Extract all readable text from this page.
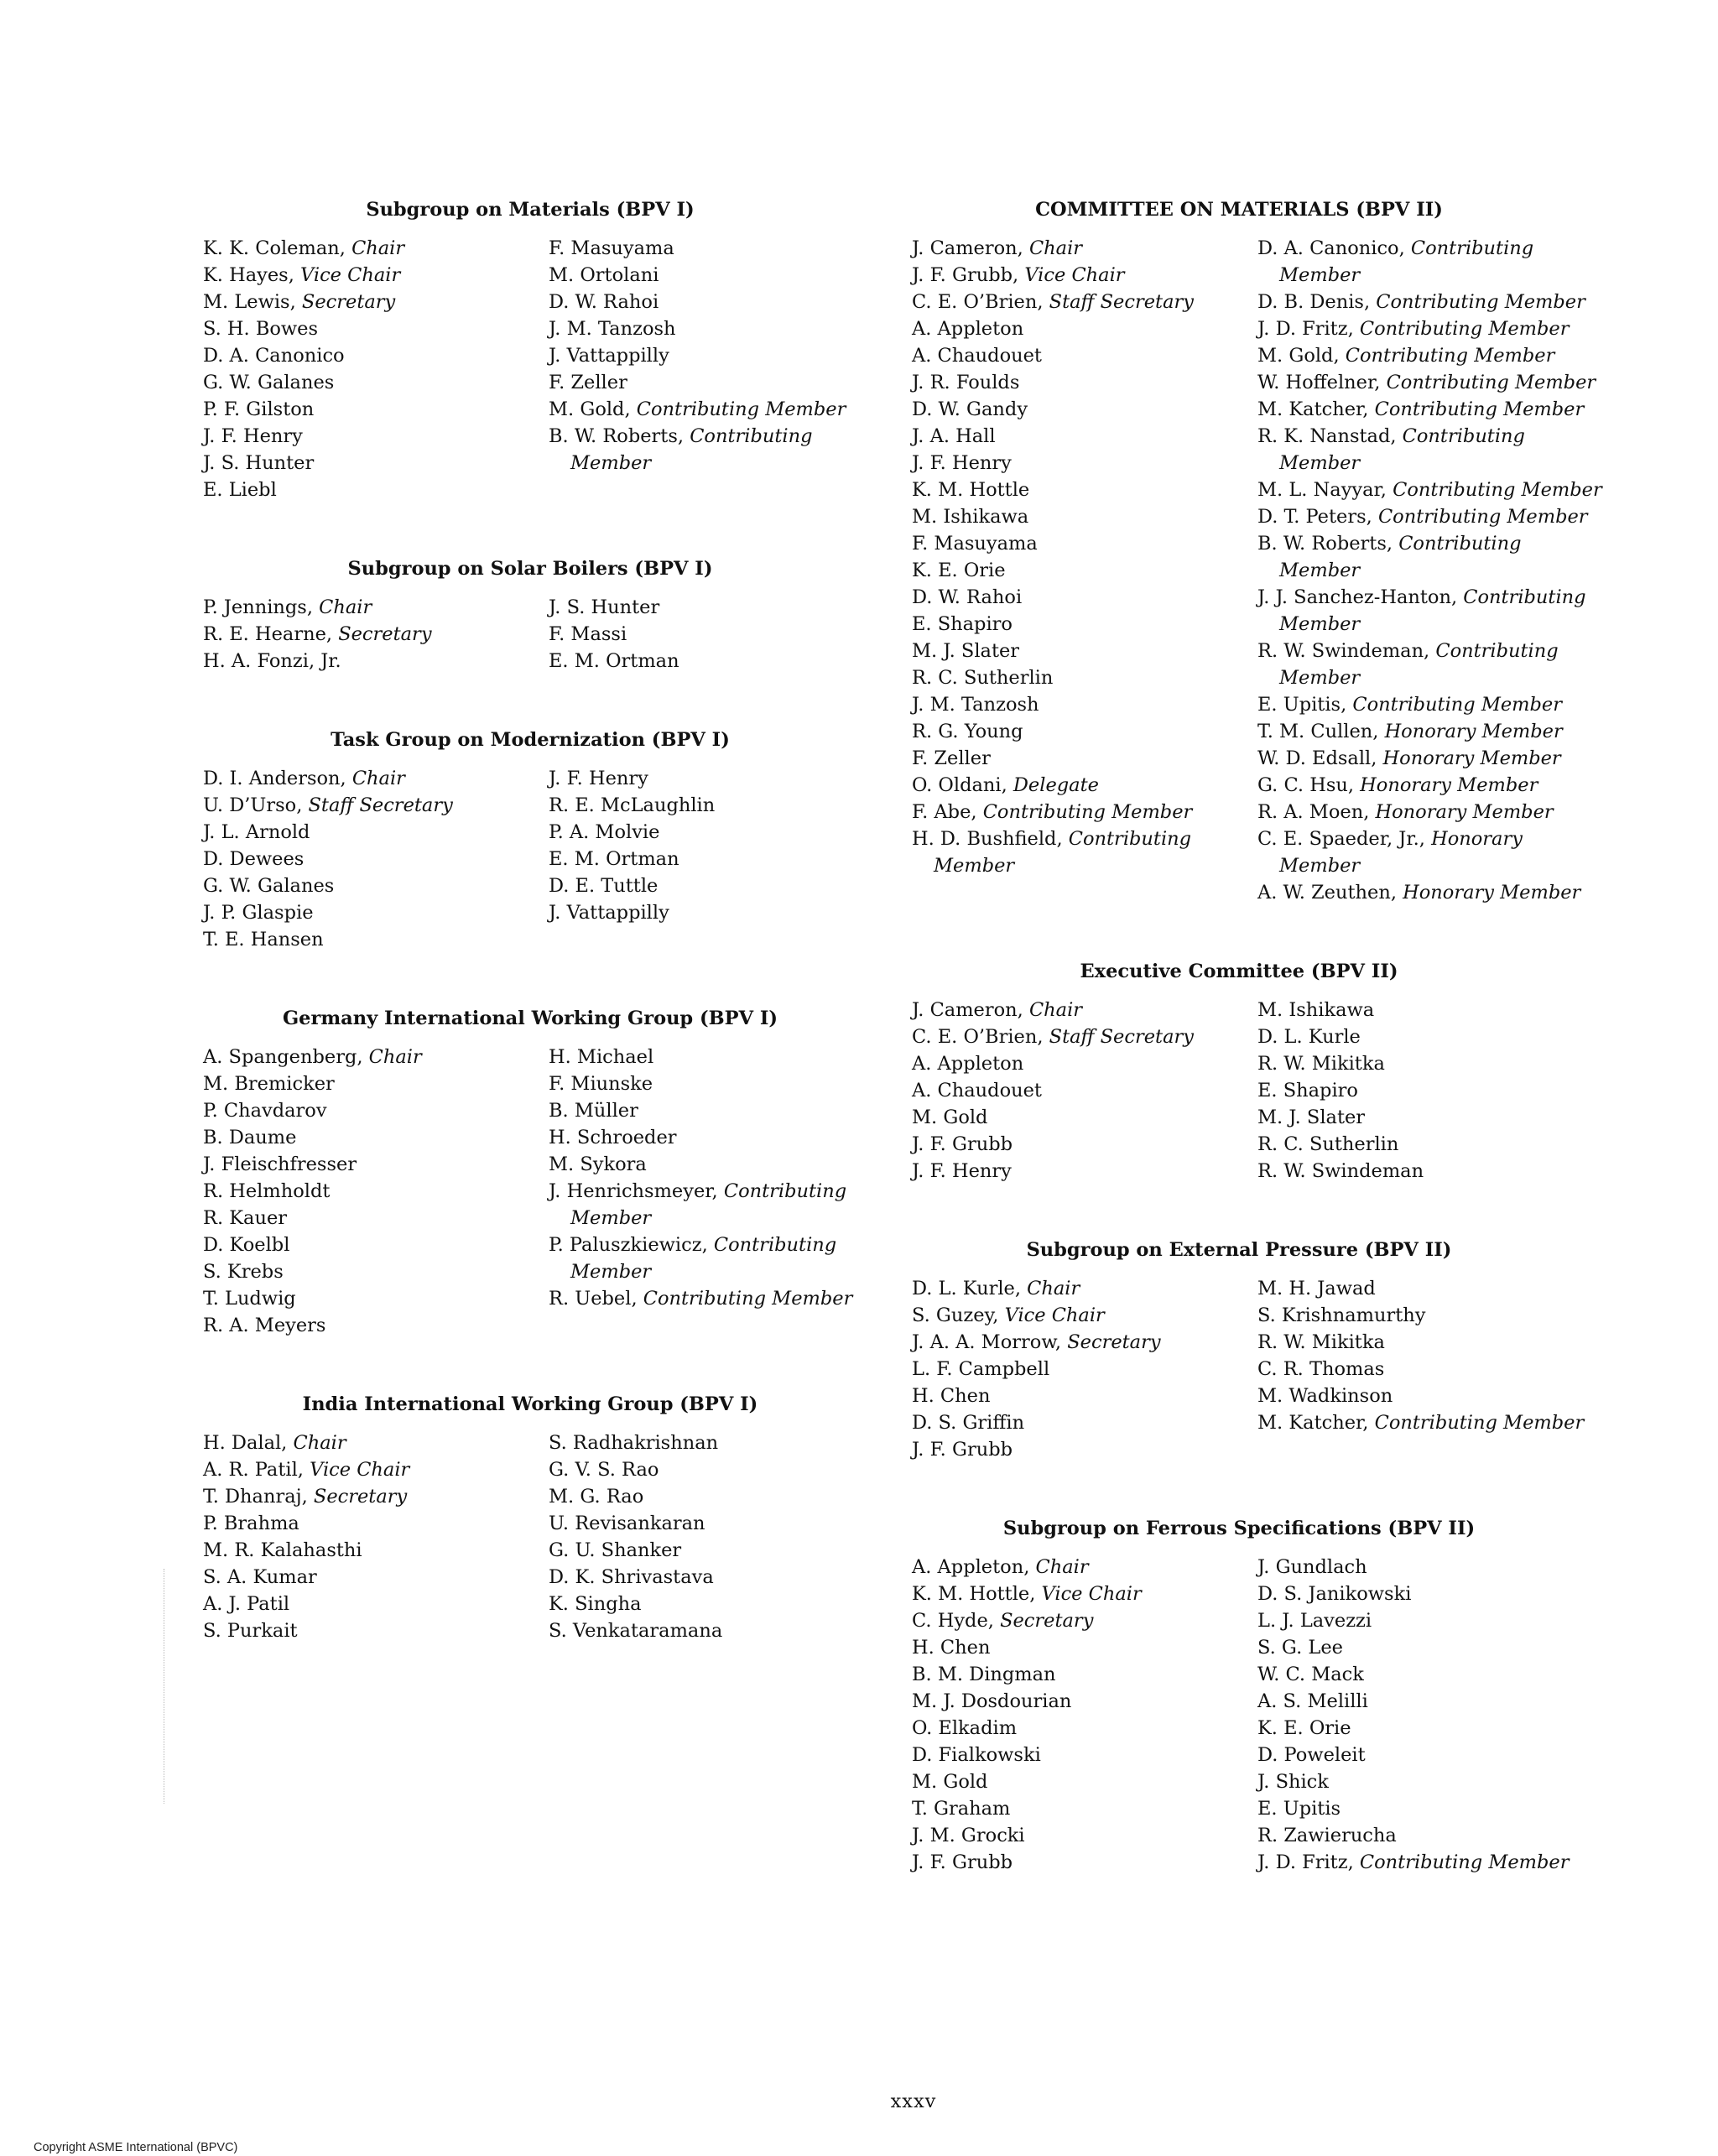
Subgroup on Materials (BPV I)
K. K. Coleman, Chair
K. Hayes, Vice Chair
M. Lewis, Secretary
S. H. Bowes
D. A. Canonico
G. W. Galanes
P. F. Gilston
J. F. Henry
J. S. Hunter
E. Liebl
F. Masuyama
M. Ortolani
D. W. Rahoi
J. M. Tanzosh
J. Vattappilly
F. Zeller
M. Gold, Contributing Member
B. W. Roberts, Contributing
Member
Subgroup on Solar Boilers (BPV I)
P. Jennings, Chair
R. E. Hearne, Secretary
H. A. Fonzi, Jr.
J. S. Hunter
F. Massi
E. M. Ortman
Task Group on Modernization (BPV I)
D. I. Anderson, Chair
U. D’Urso, Staff Secretary
J. L. Arnold
D. Dewees
G. W. Galanes
J. P. Glaspie
T. E. Hansen
J. F. Henry
R. E. McLaughlin
P. A. Molvie
E. M. Ortman
D. E. Tuttle
J. Vattappilly
Germany International Working Group (BPV I)
A. Spangenberg, Chair
M. Bremicker
P. Chavdarov
B. Daume
J. Fleischfresser
R. Helmholdt
R. Kauer
D. Koelbl
S. Krebs
T. Ludwig
R. A. Meyers
H. Michael
F. Miunske
B. Müller
H. Schroeder
M. Sykora
J. Henrichsmeyer, Contributing
Member
P. Paluszkiewicz, Contributing
Member
R. Uebel, Contributing Member
India International Working Group (BPV I)
H. Dalal, Chair
A. R. Patil, Vice Chair
T. Dhanraj, Secretary
P. Brahma
M. R. Kalahasthi
S. A. Kumar
A. J. Patil
S. Purkait
S. Radhakrishnan
G. V. S. Rao
M. G. Rao
U. Revisankaran
G. U. Shanker
D. K. Shrivastava
K. Singha
S. Venkataramana
COMMITTEE ON MATERIALS (BPV II)
J. Cameron, Chair
J. F. Grubb, Vice Chair
C. E. O’Brien, Staff Secretary
A. Appleton
A. Chaudouet
J. R. Foulds
D. W. Gandy
J. A. Hall
J. F. Henry
K. M. Hottle
M. Ishikawa
F. Masuyama
K. E. Orie
D. W. Rahoi
E. Shapiro
M. J. Slater
R. C. Sutherlin
J. M. Tanzosh
R. G. Young
F. Zeller
O. Oldani, Delegate
F. Abe, Contributing Member
H. D. Bushfield, Contributing
Member
D. A. Canonico, Contributing
Member
D. B. Denis, Contributing Member
J. D. Fritz, Contributing Member
M. Gold, Contributing Member
W. Hoffelner, Contributing Member
M. Katcher, Contributing Member
R. K. Nanstad, Contributing
Member
M. L. Nayyar, Contributing Member
D. T. Peters, Contributing Member
B. W. Roberts, Contributing
Member
J. J. Sanchez-Hanton, Contributing
Member
R. W. Swindeman, Contributing
Member
E. Upitis, Contributing Member
T. M. Cullen, Honorary Member
W. D. Edsall, Honorary Member
G. C. Hsu, Honorary Member
R. A. Moen, Honorary Member
C. E. Spaeder, Jr., Honorary
Member
A. W. Zeuthen, Honorary Member
Executive Committee (BPV II)
J. Cameron, Chair
C. E. O’Brien, Staff Secretary
A. Appleton
A. Chaudouet
M. Gold
J. F. Grubb
J. F. Henry
M. Ishikawa
D. L. Kurle
R. W. Mikitka
E. Shapiro
M. J. Slater
R. C. Sutherlin
R. W. Swindeman
Subgroup on External Pressure (BPV II)
D. L. Kurle, Chair
S. Guzey, Vice Chair
J. A. A. Morrow, Secretary
L. F. Campbell
H. Chen
D. S. Griffin
J. F. Grubb
M. H. Jawad
S. Krishnamurthy
R. W. Mikitka
C. R. Thomas
M. Wadkinson
M. Katcher, Contributing Member
Subgroup on Ferrous Specifications (BPV II)
A. Appleton, Chair
K. M. Hottle, Vice Chair
C. Hyde, Secretary
H. Chen
B. M. Dingman
M. J. Dosdourian
O. Elkadim
D. Fialkowski
M. Gold
T. Graham
J. M. Grocki
J. F. Grubb
J. Gundlach
D. S. Janikowski
L. J. Lavezzi
S. G. Lee
W. C. Mack
A. S. Melilli
K. E. Orie
D. Poweleit
J. Shick
E. Upitis
R. Zawierucha
J. D. Fritz, Contributing Member
xxxv
Copyright ASME International (BPVC)
